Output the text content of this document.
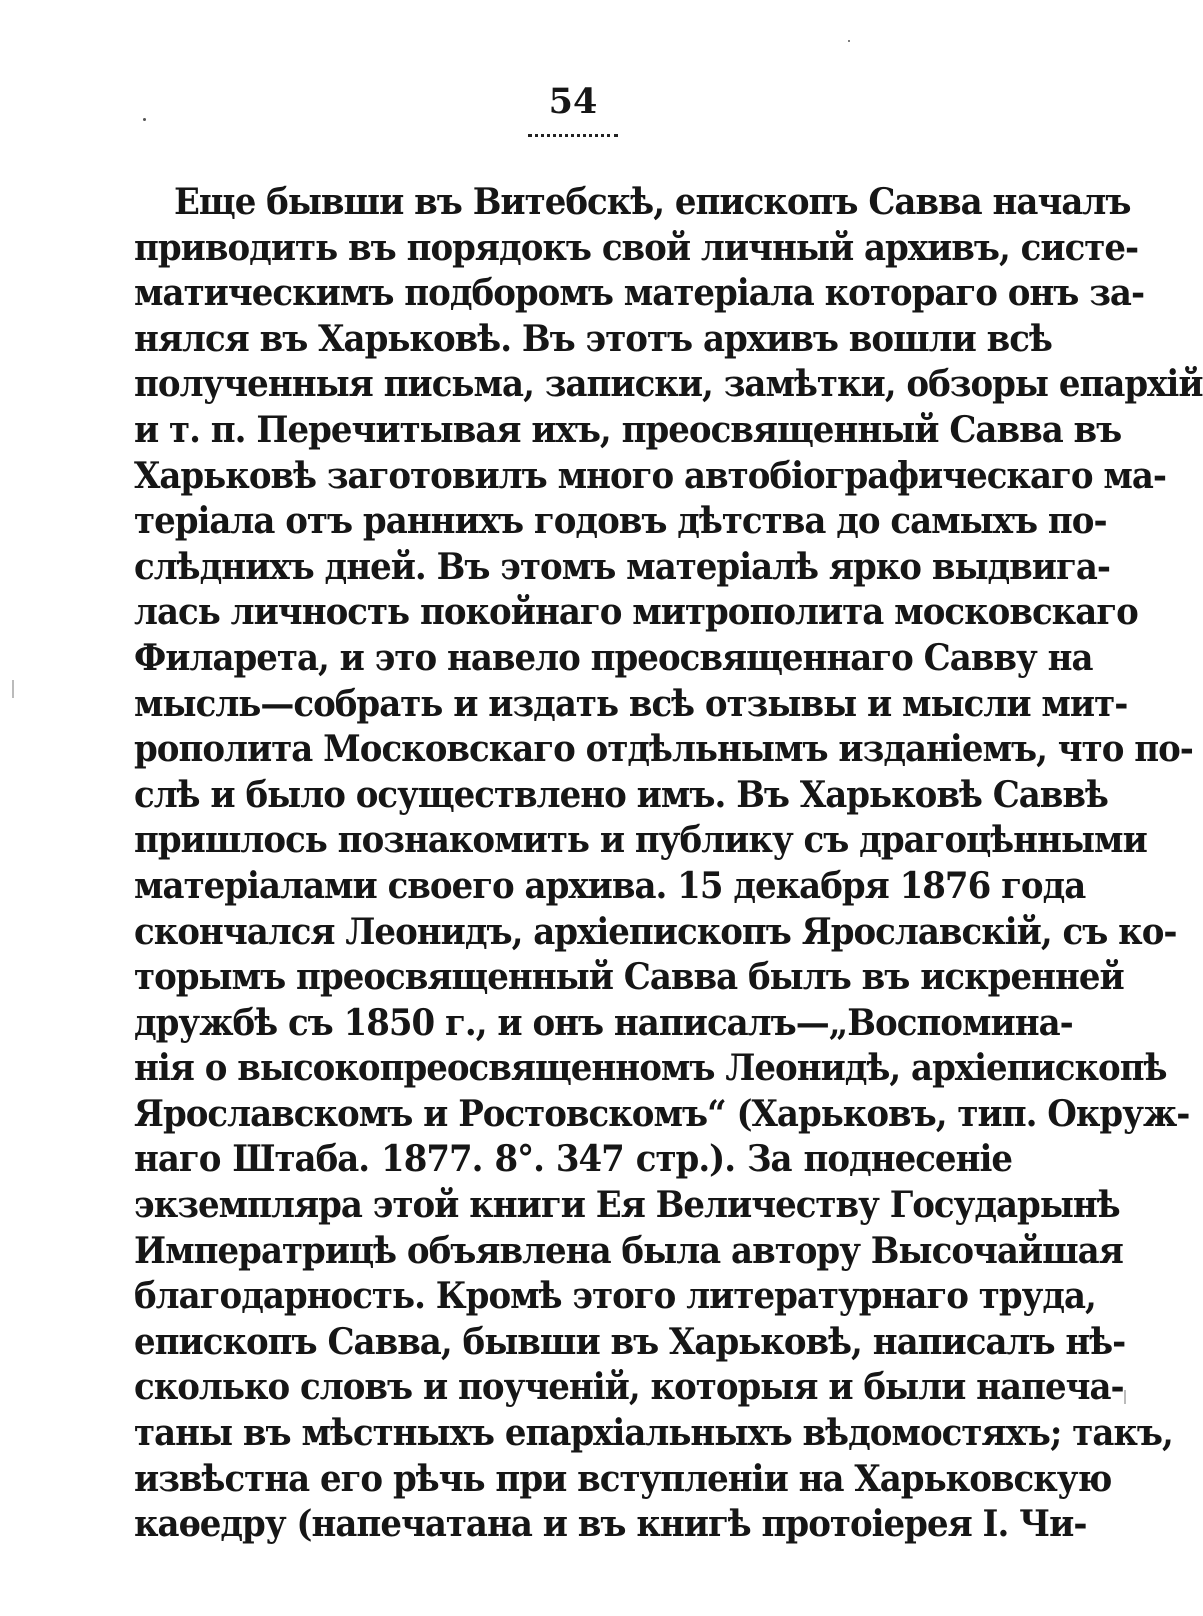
54
Еще бывши въ Витебскѣ, епископъ Савва началъ
приводить въ порядокъ свой личный архивъ, систе-
матическимъ подборомъ матеріала котораго онъ за-
нялся въ Харьковѣ. Въ этотъ архивъ вошли всѣ
полученныя письма, записки, замѣтки, обзоры епархій
и т. п. Перечитывая ихъ, преосвященный Савва въ
Харьковѣ заготовилъ много автобіографическаго ма-
теріала отъ раннихъ годовъ дѣтства до самыхъ по-
слѣднихъ дней. Въ этомъ матеріалѣ ярко выдвига-
лась личность покойнаго митрополита московскаго
Филарета, и это навело преосвященнаго Савву на
мысль—собрать и издать всѣ отзывы и мысли мит-
рополита Московскаго отдѣльнымъ изданіемъ, что по-
слѣ и было осуществлено имъ. Въ Харьковѣ Саввѣ
пришлось познакомить и публику съ драгоцѣнными
матеріалами своего архива. 15 декабря 1876 года
скончался Леонидъ, архіепископъ Ярославскій, съ ко-
торымъ преосвященный Савва былъ въ искренней
дружбѣ съ 1850 г., и онъ написалъ—„Воспомина-
нія о высокопреосвященномъ Леонидѣ, архіепископѣ
Ярославскомъ и Ростовскомъ“ (Харьковъ, тип. Окруж-
наго Штаба. 1877. 8°. 347 стр.). За поднесеніе
экземпляра этой книги Ея Величеству Государынѣ
Императрицѣ объявлена была автору Высочайшая
благодарность. Кромѣ этого литературнаго труда,
епископъ Савва, бывши въ Харьковѣ, написалъ нѣ-
сколько словъ и поученій, которыя и были напеча-
таны въ мѣстныхъ епархіальныхъ вѣдомостяхъ; такъ,
извѣстна его рѣчь при вступленіи на Харьковскую
каѳедру (напечатана и въ книгѣ протоіерея І. Чи-
